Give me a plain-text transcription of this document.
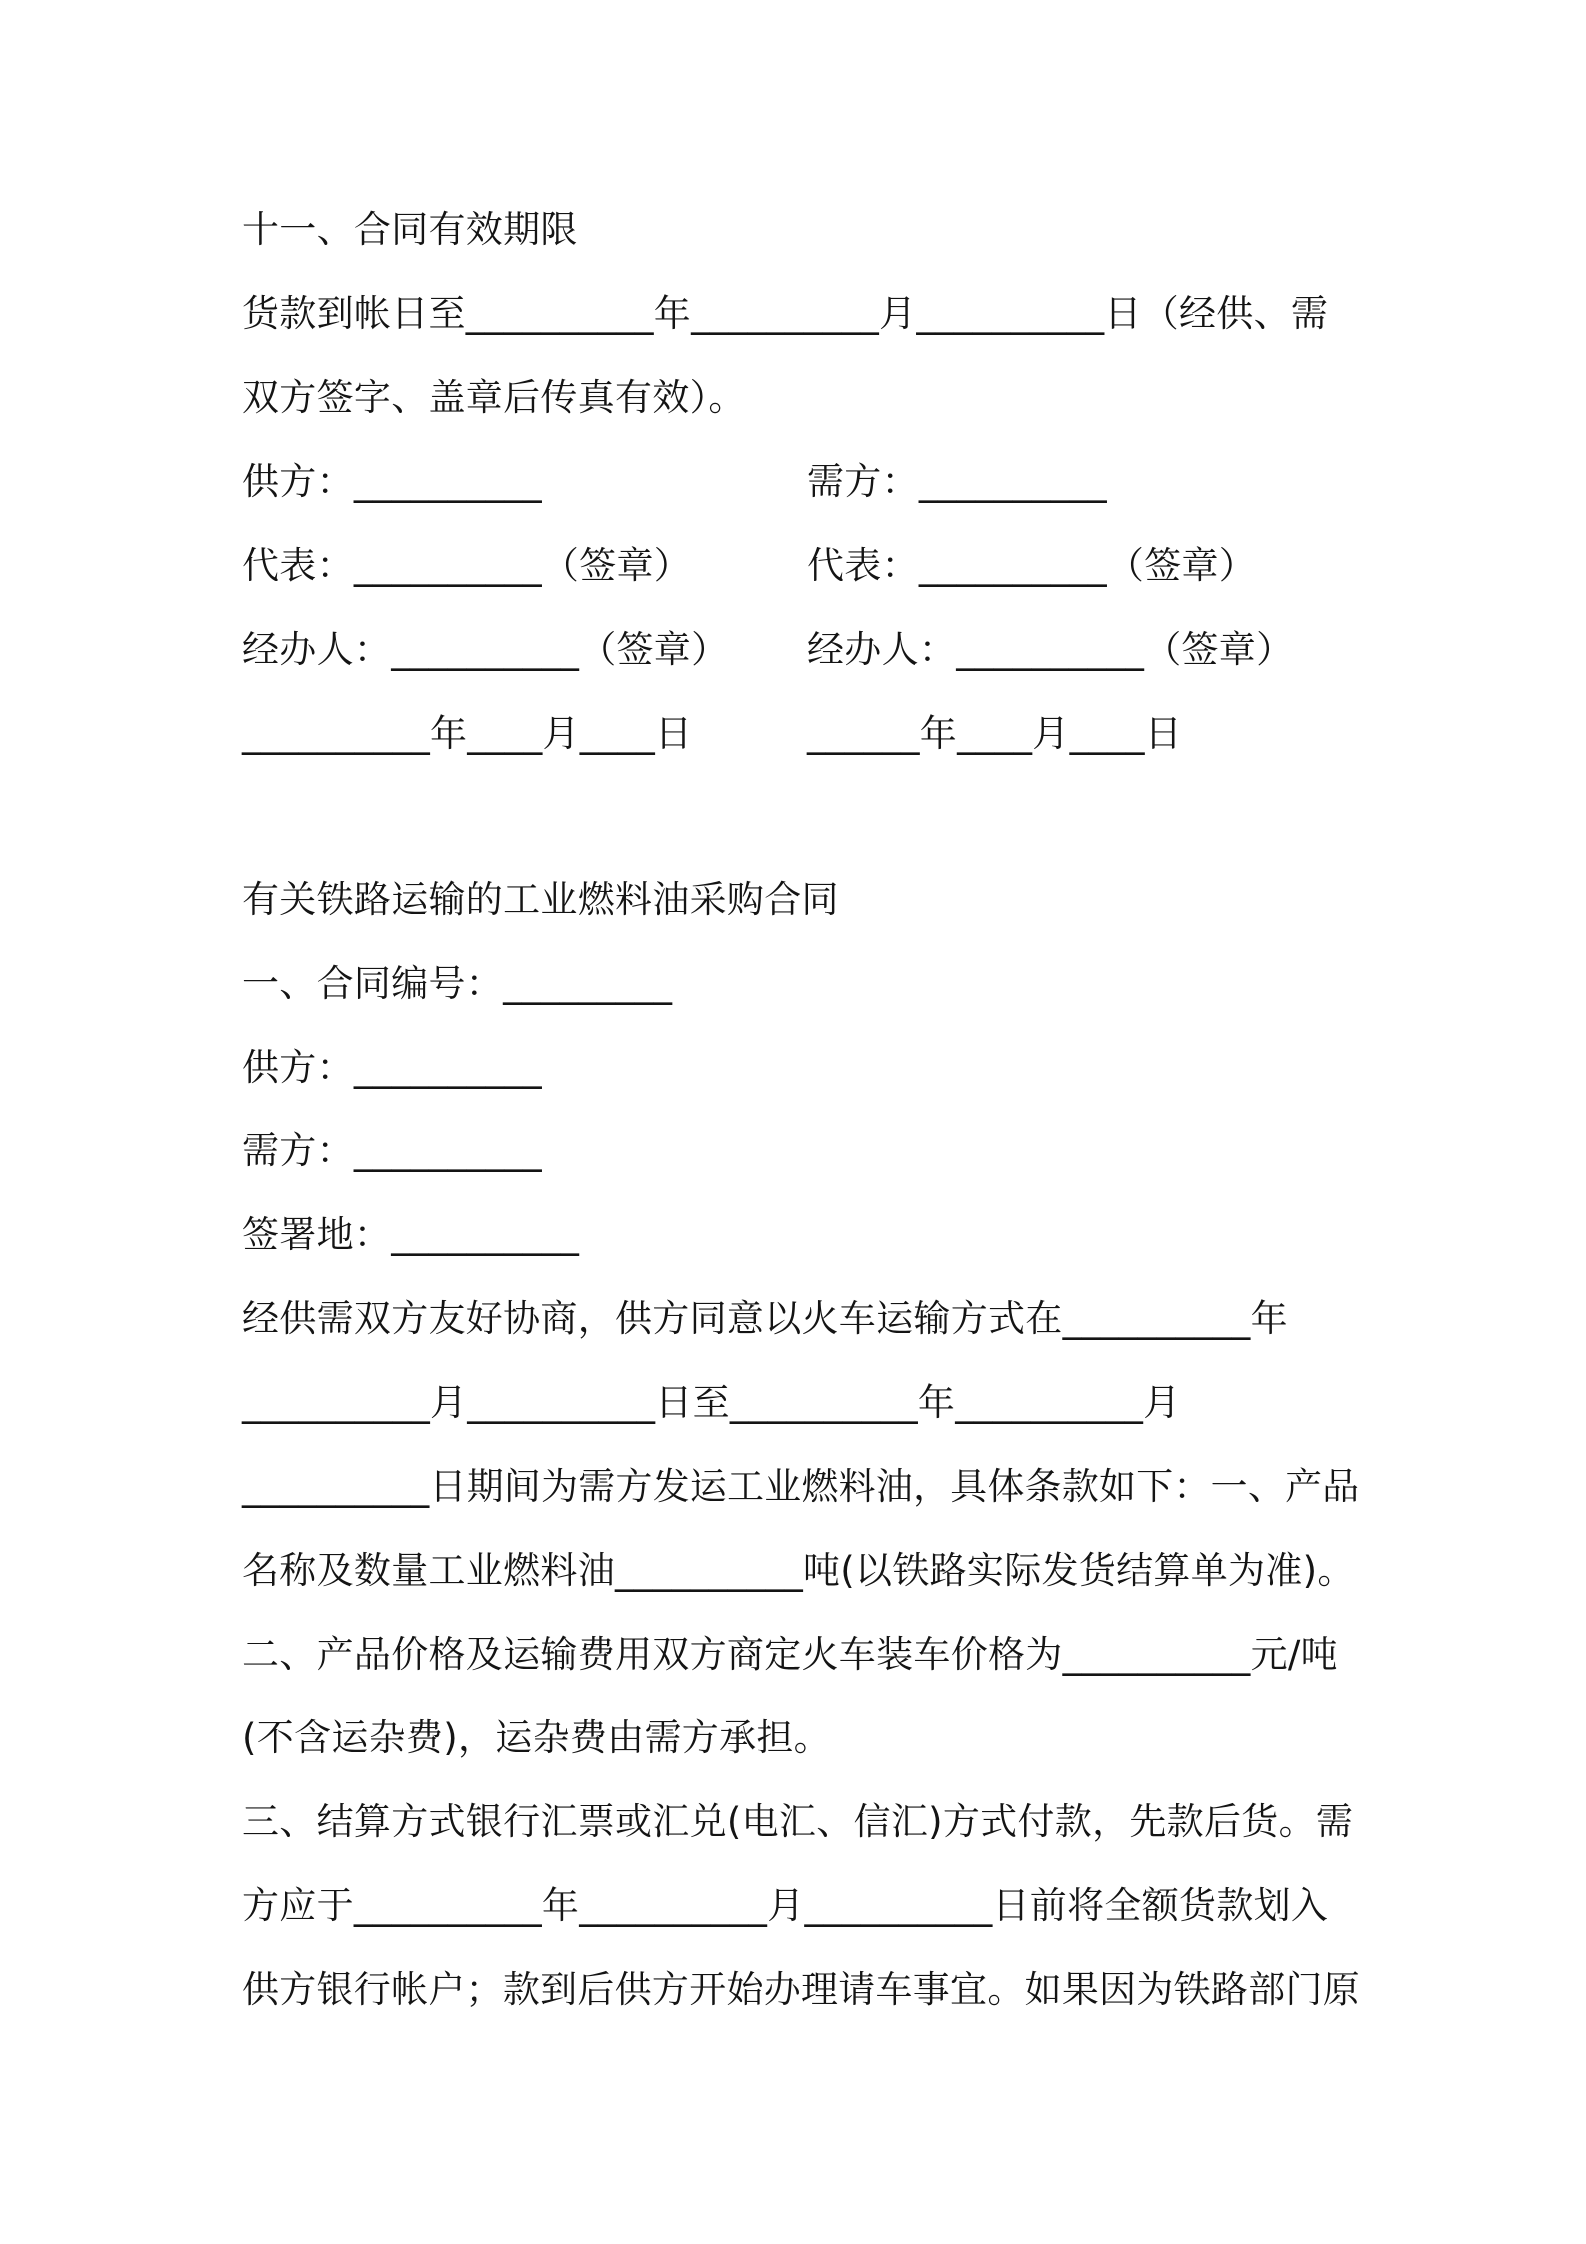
十一、合同有效期限
货款到帐日至__________年__________月__________日（经供、需
双方签字、盖章后传真有效）。
供方：__________	需方：__________
代表：__________（签章）	代表：__________（签章）
经办人：__________（签章） 经办人：__________（签章）
__________年____月____日	______年____月____日
有关铁路运输的工业燃料油采购合同
一、合同编号：_________
供方：__________
需方：__________
签署地：__________
经供需双方友好协商，供方同意以火车运输方式在__________年
__________月__________日至__________年__________月
__________日期间为需方发运工业燃料油，具体条款如下：一、产品
名称及数量工业燃料油__________吨(以铁路实际发货结算单为准)。
二、产品价格及运输费用双方商定火车装车价格为__________元/吨
(不含运杂费)，运杂费由需方承担。
三、结算方式银行汇票或汇兑(电汇、信汇)方式付款，先款后货。需
方应于__________年__________月__________日前将全额货款划入
供方银行帐户；款到后供方开始办理请车事宜。如果因为铁路部门原
